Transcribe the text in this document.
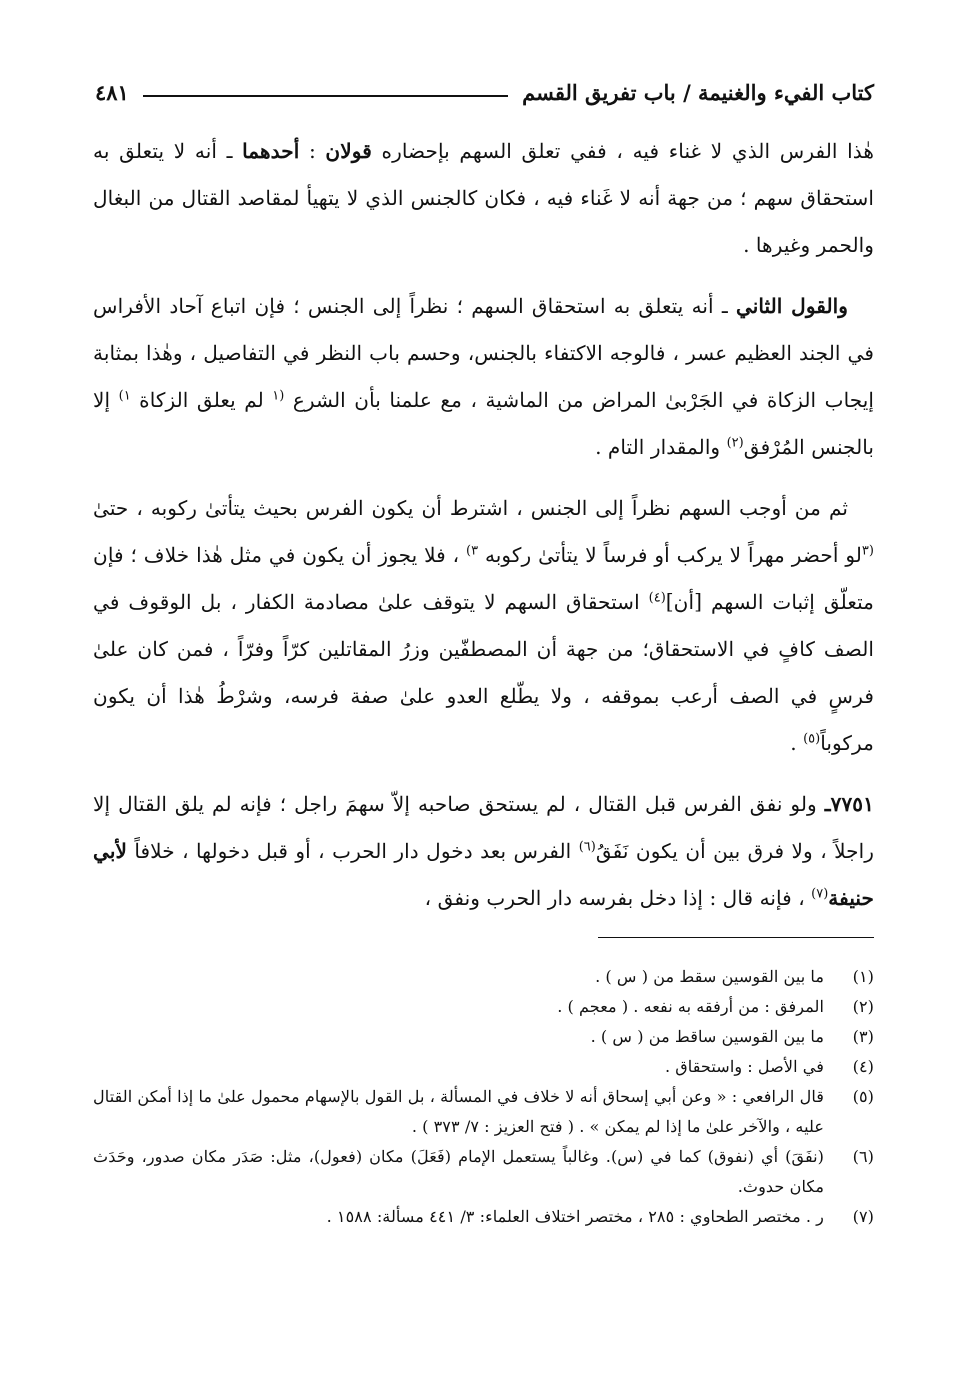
كتاب الفيء والغنيمة / باب تفريق القسم
٤٨١

هٰذا الفرس الذي لا غناء فيه ، ففي تعلق السهم بإحضاره قولان : أحدهما ـ أنه لا يتعلق به استحقاق سهم ؛ من جهة أنه لا غَناء فيه ، فكان كالجنس الذي لا يتهيأ لمقاصد القتال من البغال والحمر وغيرها .

والقول الثاني ـ أنه يتعلق به استحقاق السهم ؛ نظراً إلى الجنس ؛ فإن اتباع آحاد الأفراس في الجند العظيم عسر ، فالوجه الاكتفاء بالجنس، وحسم باب النظر في التفاصيل ، وهٰذا بمثابة إيجاب الزكاة في الجَرْبىٰ المراض من الماشية ، مع علمنا بأن الشرع $^{(١}$ لم يعلق الزكاة $^{١)}$ إلا بالجنس المُرْفق$^{(٢)}$ والمقدار التام .

ثم من أوجب السهم نظراً إلى الجنس ، اشترط أن يكون الفرس بحيث يتأتىٰ ركوبه ، حتىٰ $^{(٣}$لو أحضر مهراً لا يركب أو فرساً لا يتأتىٰ ركوبه $^{٣)}$ ، فلا يجوز أن يكون في مثل هٰذا خلاف ؛ فإن متعلّق إثبات السهم [أن]$^{(٤)}$ استحقاق السهم لا يتوقف علىٰ مصادمة الكفار ، بل الوقوف في الصف كافٍ في الاستحقاق؛ من جهة أن المصطفّين وزرُ المقاتلين كرّاً وفرّاً ، فمن كان علىٰ فرسٍ في الصف أرعب بموقفه ، ولا يطّلع العدو علىٰ صفة فرسه، وشرْطُ هٰذا أن يكون مركوباً$^{(٥)}$ .

٧٧٥١ـ ولو نفق الفرس قبل القتال ، لم يستحق صاحبه إلاّ سهمَ راجل ؛ فإنه لم يلق القتال إلا راجلاً ، ولا فرق بين أن يكون نَفَقُ$^{(٦)}$ الفرس بعد دخول دار الحرب ، أو قبل دخولها ، خلافاً لأبي حنيفة$^{(٧)}$ ، فإنه قال : إذا دخل بفرسه دار الحرب ونفق ،

(١)
ما بين القوسين سقط من ( س ) .
(٢)
المرفق : من أرفقه به نفعه . ( معجم ) .
(٣)
ما بين القوسين ساقط من ( س ) .
(٤)
في الأصل : واستحقاق .
(٥)
قال الرافعي : « وعن أبي إسحاق أنه لا خلاف في المسألة ، بل القول بالإسهام محمول علىٰ ما إذا أمكن القتال عليه ، والآخر علىٰ ما إذا لم يمكن » . ( فتح العزيز : ٧/ ٣٧٣ ) .
(٦)
(نفَقَ) أي (نفوق) كما في (س). وغالباً يستعمل الإمام (فَعَلَ) مكان (فعول)، مثل: صَدَر مكان صدور، وحَدَث مكان حدوث.
(٧)
ر . مختصر الطحاوي : ٢٨٥ ، مختصر اختلاف العلماء: ٣/ ٤٤١ مسألة: ١٥٨٨ .
